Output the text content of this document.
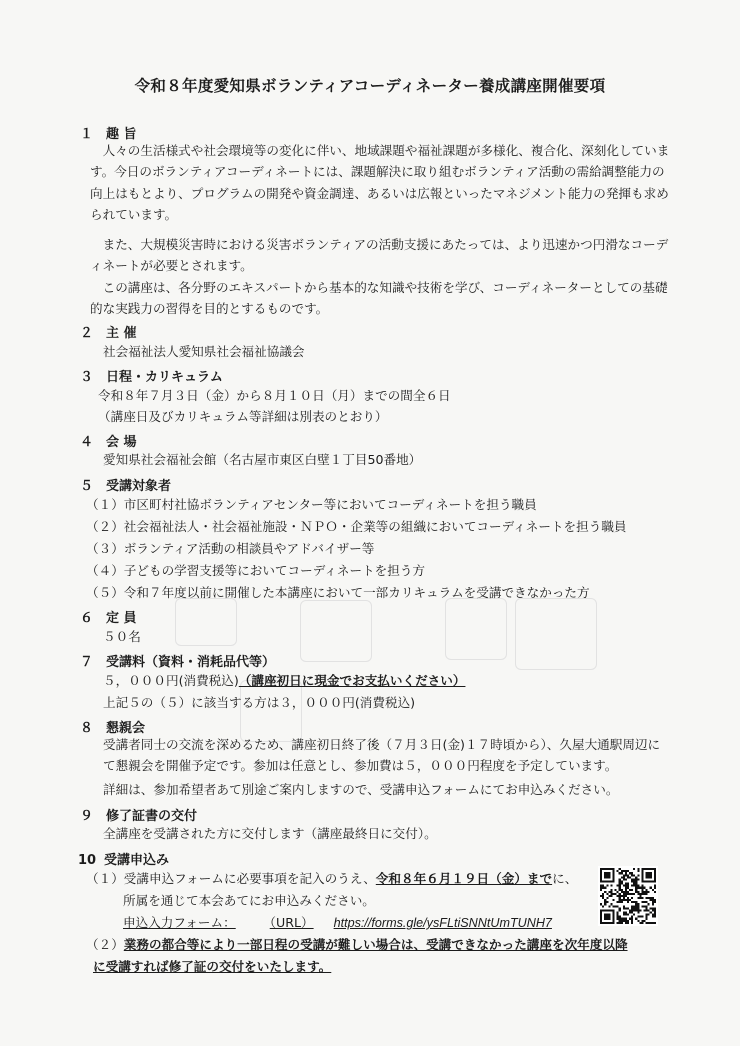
令和８年度愛知県ボランティアコーディネーター養成講座開催要項
１ 趣 旨
人々の生活様式や社会環境等の変化に伴い、地域課題や福祉課題が多様化、複合化、深刻化しています。今日のボランティアコーディネートには、課題解決に取り組むボランティア活動の需給調整能力の向上はもとより、プログラムの開発や資金調達、あるいは広報といったマネジメント能力の発揮も求められています。
また、大規模災害時における災害ボランティアの活動支援にあたっては、より迅速かつ円滑なコーディネートが必要とされます。
この講座は、各分野のエキスパートから基本的な知識や技術を学び、コーディネーターとしての基礎的な実践力の習得を目的とするものです。
２ 主 催
社会福祉法人愛知県社会福祉協議会
３ 日程・カリキュラム
令和８年７月３日（金）から８月１０日（月）までの間全６日
（講座日及びカリキュラム等詳細は別表のとおり）
４ 会 場
愛知県社会福祉会館（名古屋市東区白壁１丁目50番地）
５ 受講対象者
（１）市区町村社協ボランティアセンター等においてコーディネートを担う職員
（２）社会福祉法人・社会福祉施設・ＮＰＯ・企業等の組織においてコーディネートを担う職員
（３）ボランティア活動の相談員やアドバイザー等
（４）子どもの学習支援等においてコーディネートを担う方
（５）令和７年度以前に開催した本講座において一部カリキュラムを受講できなかった方
６ 定 員
５０名
７ 受講料（資料・消耗品代等）
５，０００円(消費税込)（講座初日に現金でお支払いください）
上記５の（５）に該当する方は３，０００円(消費税込)
８ 懇親会
受講者同士の交流を深めるため、講座初日終了後（７月３日(金)１７時頃から）、久屋大通駅周辺にて懇親会を開催予定です。参加は任意とし、参加費は５，０００円程度を予定しています。
詳細は、参加希望者あて別途ご案内しますので、受講申込フォームにてお申込みください。
９ 修了証書の交付
全講座を受講された方に交付します（講座最終日に交付）。
10 受講申込み
（１）受講申込フォームに必要事項を記入のうえ、令和８年６月１９日（金）までに、
所属を通じて本会あてにお申込みください。
申込入力フォーム：	（URL） https://forms.gle/ysFLtiSNNtUmTUNH7
（２）業務の都合等により一部日程の受講が難しい場合は、受講できなかった講座を次年度以降
に受講すれば修了証の交付をいたします。
